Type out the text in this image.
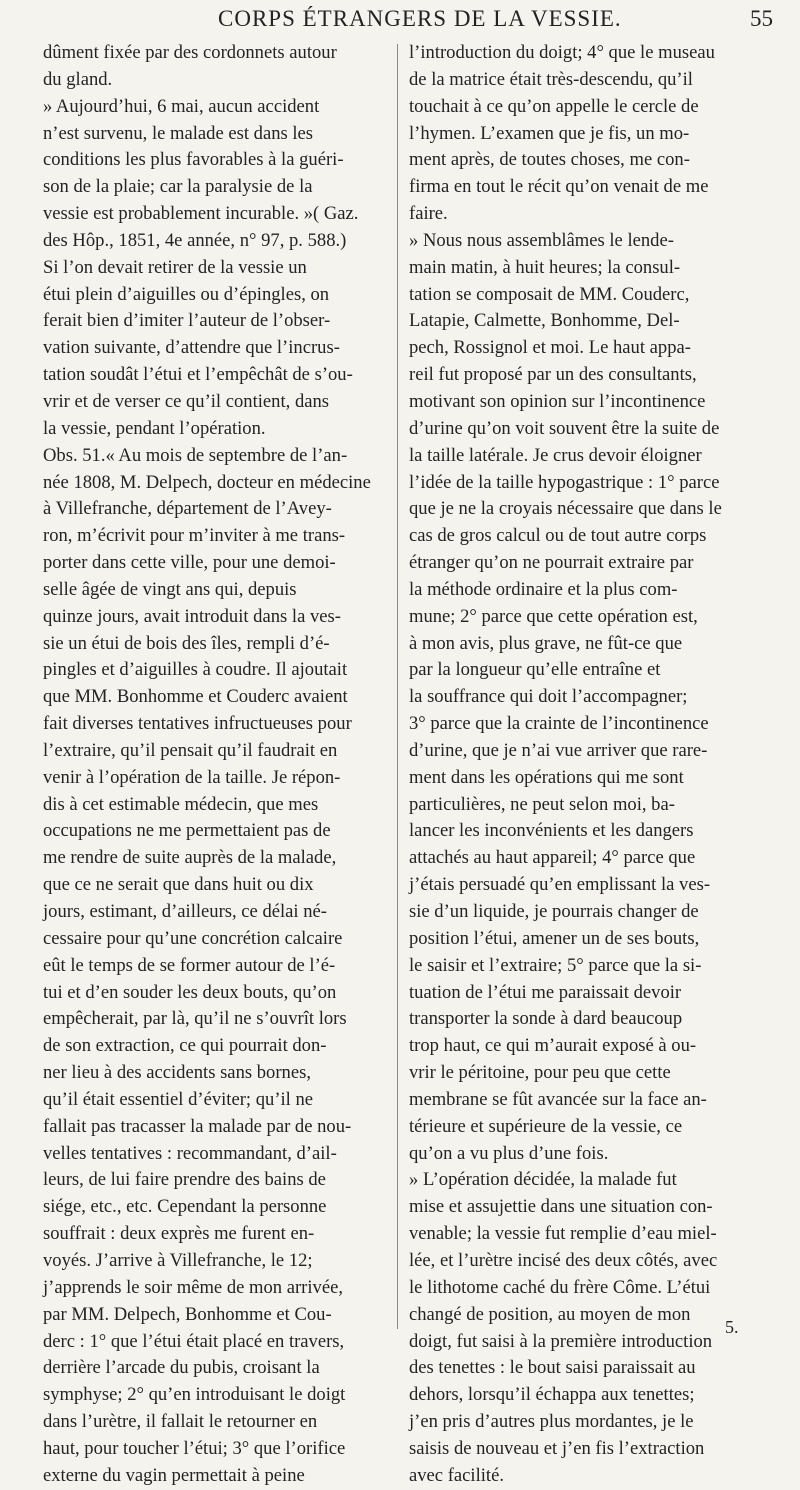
CORPS ÉTRANGERS DE LA VESSIE.	55
dûment fixée par des cordonnets autour
du gland.
» Aujourd’hui, 6 mai, aucun accident
n’est survenu, le malade est dans les
conditions les plus favorables à la guéri-
son de la plaie; car la paralysie de la
vessie est probablement incurable. »( Gaz.
des Hôp., 1851, 4e année, n° 97, p. 588.)
Si l’on devait retirer de la vessie un
étui plein d’aiguilles ou d’épingles, on
ferait bien d’imiter l’auteur de l’obser-
vation suivante, d’attendre que l’incrus-
tation soudât l’étui et l’empêchât de s’ou-
vrir et de verser ce qu’il contient, dans
la vessie, pendant l’opération.
Obs. 51.« Au mois de septembre de l’an-
née 1808, M. Delpech, docteur en médecine
à Villefranche, département de l’Avey-
ron, m’écrivit pour m’inviter à me trans-
porter dans cette ville, pour une demoi-
selle âgée de vingt ans qui, depuis
quinze jours, avait introduit dans la ves-
sie un étui de bois des îles, rempli d’é-
pingles et d’aiguilles à coudre. Il ajoutait
que MM. Bonhomme et Couderc avaient
fait diverses tentatives infructueuses pour
l’extraire, qu’il pensait qu’il faudrait en
venir à l’opération de la taille. Je répon-
dis à cet estimable médecin, que mes
occupations ne me permettaient pas de
me rendre de suite auprès de la malade,
que ce ne serait que dans huit ou dix
jours, estimant, d’ailleurs, ce délai né-
cessaire pour qu’une concrétion calcaire
eût le temps de se former autour de l’é-
tui et d’en souder les deux bouts, qu’on
empêcherait, par là, qu’il ne s’ouvrît lors
de son extraction, ce qui pourrait don-
ner lieu à des accidents sans bornes,
qu’il était essentiel d’éviter; qu’il ne
fallait pas tracasser la malade par de nou-
velles tentatives : recommandant, d’ail-
leurs, de lui faire prendre des bains de
siége, etc., etc. Cependant la personne
souffrait : deux exprès me furent en-
voyés. J’arrive à Villefranche, le 12;
j’apprends le soir même de mon arrivée,
par MM. Delpech, Bonhomme et Cou-
derc : 1° que l’étui était placé en travers,
derrière l’arcade du pubis, croisant la
symphyse; 2° qu’en introduisant le doigt
dans l’urètre, il fallait le retourner en
haut, pour toucher l’étui; 3° que l’orifice
externe du vagin permettait à peine
l’introduction du doigt; 4° que le museau
de la matrice était très-descendu, qu’il
touchait à ce qu’on appelle le cercle de
l’hymen. L’examen que je fis, un mo-
ment après, de toutes choses, me con-
firma en tout le récit qu’on venait de me
faire.
» Nous nous assemblâmes le lende-
main matin, à huit heures; la consul-
tation se composait de MM. Couderc,
Latapie, Calmette, Bonhomme, Del-
pech, Rossignol et moi. Le haut appa-
reil fut proposé par un des consultants,
motivant son opinion sur l’incontinence
d’urine qu’on voit souvent être la suite de
la taille latérale. Je crus devoir éloigner
l’idée de la taille hypogastrique : 1° parce
que je ne la croyais nécessaire que dans le
cas de gros calcul ou de tout autre corps
étranger qu’on ne pourrait extraire par
la méthode ordinaire et la plus com-
mune; 2° parce que cette opération est,
à mon avis, plus grave, ne fût-ce que
par la longueur qu’elle entraîne et
la souffrance qui doit l’accompagner;
3° parce que la crainte de l’incontinence
d’urine, que je n’ai vue arriver que rare-
ment dans les opérations qui me sont
particulières, ne peut selon moi, ba-
lancer les inconvénients et les dangers
attachés au haut appareil; 4° parce que
j’étais persuadé qu’en emplissant la ves-
sie d’un liquide, je pourrais changer de
position l’étui, amener un de ses bouts,
le saisir et l’extraire; 5° parce que la si-
tuation de l’étui me paraissait devoir
transporter la sonde à dard beaucoup
trop haut, ce qui m’aurait exposé à ou-
vrir le péritoine, pour peu que cette
membrane se fût avancée sur la face an-
térieure et supérieure de la vessie, ce
qu’on a vu plus d’une fois.
» L’opération décidée, la malade fut
mise et assujettie dans une situation con-
venable; la vessie fut remplie d’eau miel-
lée, et l’urètre incisé des deux côtés, avec
le lithotome caché du frère Côme. L’étui
changé de position, au moyen de mon
doigt, fut saisi à la première introduction
des tenettes : le bout saisi paraissait au
dehors, lorsqu’il échappa aux tenettes;
j’en pris d’autres plus mordantes, je le
saisis de nouveau et j’en fis l’extraction
avec facilité.
5.
